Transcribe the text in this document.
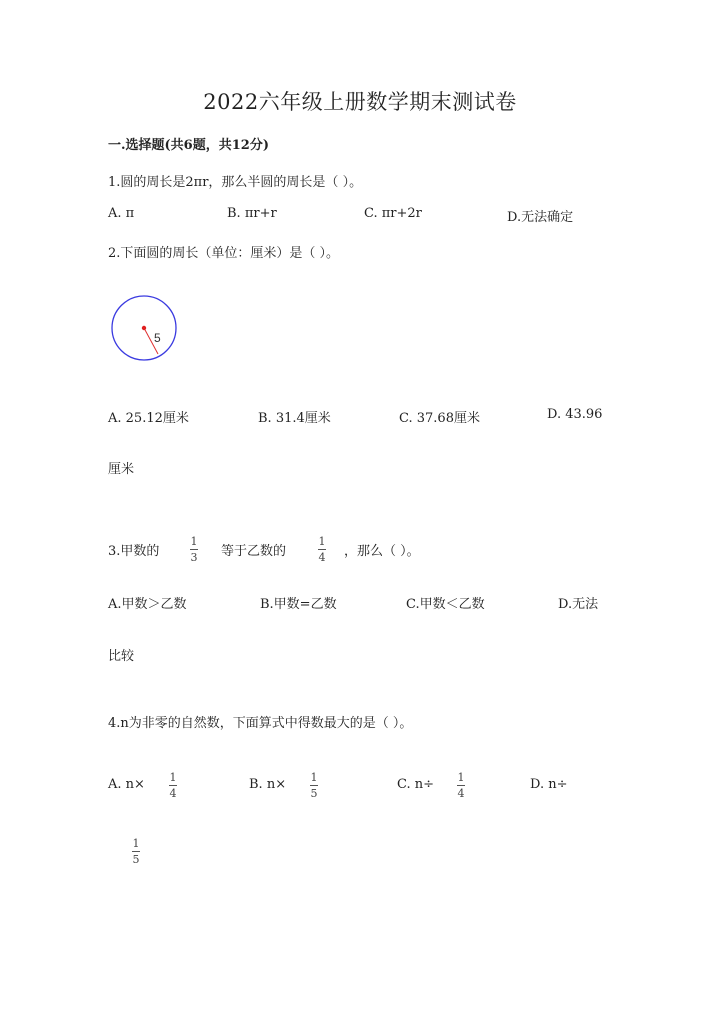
2022六年级上册数学期末测试卷
一.选择题(共6题，共12分)
1.圆的周长是2πr，那么半圆的周长是（ ）。
A. π	B. πr+r	C. πr+2r	D.无法确定
2.下面圆的周长（单位：厘米）是（ ）。
5
A. 25.12厘米	B. 31.4厘米	C. 37.68厘米	D. 43.96
厘米
3.甲数的
1
3 等于乙数的
1
4 ，那么（ ）。
A.甲数＞乙数	B.甲数=乙数	C.甲数＜乙数	D.无法
比较
4.n为非零的自然数，下面算式中得数最大的是（ ）。
A. n× 1
4
B. n× 1
5
C. n÷ 1
4
D. n÷
1
5
